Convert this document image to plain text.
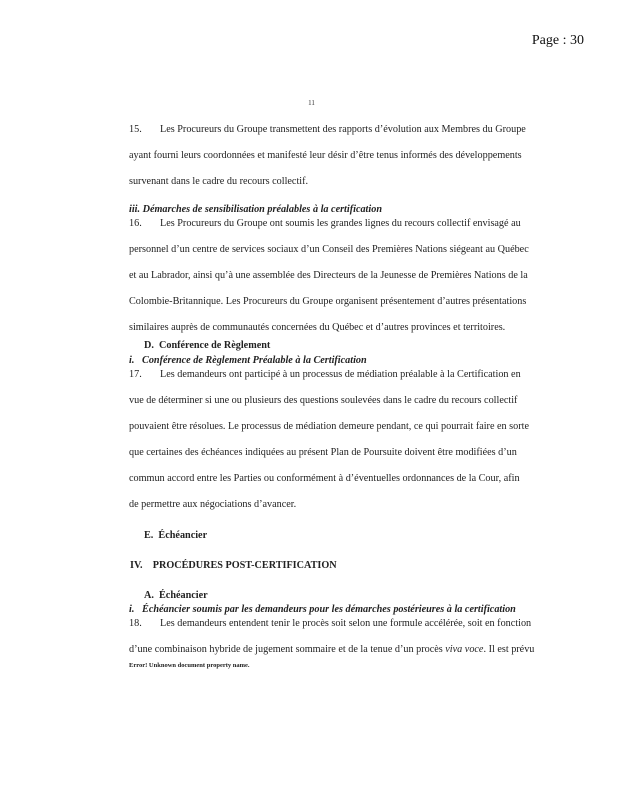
Page : 30
11
15. Les Procureurs du Groupe transmettent des rapports d’évolution aux Membres du Groupe
ayant fourni leurs coordonnées et manifesté leur désir d’être tenus informés des développements
survenant dans le cadre du recours collectif.
iii. Démarches de sensibilisation préalables à la certification
16. Les Procureurs du Groupe ont soumis les grandes lignes du recours collectif envisagé au
personnel d’un centre de services sociaux d’un Conseil des Premières Nations siégeant au Québec
et au Labrador, ainsi qu’à une assemblée des Directeurs de la Jeunesse de Premières Nations de la
Colombie-Britannique. Les Procureurs du Groupe organisent présentement d’autres présentations
similaires auprès de communautés concernées du Québec et d’autres provinces et territoires.
D.  Conférence de Règlement
i.   Conférence de Règlement Préalable à la Certification
17. Les demandeurs ont participé à un processus de médiation préalable à la Certification en
vue de déterminer si une ou plusieurs des questions soulevées dans le cadre du recours collectif
pouvaient être résolues. Le processus de médiation demeure pendant, ce qui pourrait faire en sorte
que certaines des échéances indiquées au présent Plan de Poursuite doivent être modifiées d’un
commun accord entre les Parties ou conformément à d’éventuelles ordonnances de la Cour, afin
de permettre aux négociations d’avancer.
E.  Échéancier
IV.    PROCÉDURES POST-CERTIFICATION
A.  Échéancier
i.   Échéancier soumis par les demandeurs pour les démarches postérieures à la certification
18. Les demandeurs entendent tenir le procès soit selon une formule accélérée, soit en fonction
d’une combinaison hybride de jugement sommaire et de la tenue d’un procès viva voce. Il est prévu
Error! Unknown document property name.
